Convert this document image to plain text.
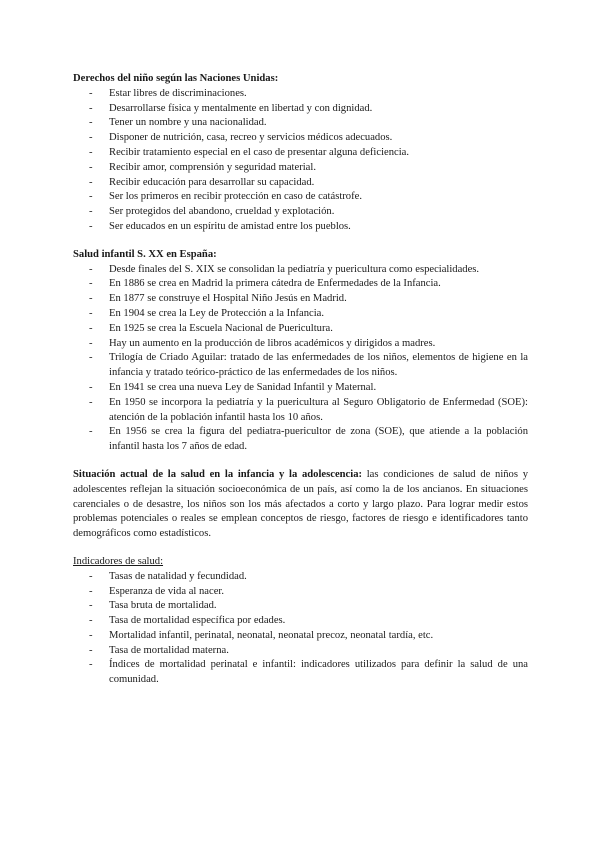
Derechos del niño según las Naciones Unidas:

- Estar libres de discriminaciones.
- Desarrollarse física y mentalmente en libertad y con dignidad.
- Tener un nombre y una nacionalidad.
- Disponer de nutrición, casa, recreo y servicios médicos adecuados.
- Recibir tratamiento especial en el caso de presentar alguna deficiencia.
- Recibir amor, comprensión y seguridad material.
- Recibir educación para desarrollar su capacidad.
- Ser los primeros en recibir protección en caso de catástrofe.
- Ser protegidos del abandono, crueldad y explotación.
- Ser educados en un espíritu de amistad entre los pueblos.

Salud infantil S. XX en España:

- Desde finales del S. XIX se consolidan la pediatría y puericultura como especialidades.
- En 1886 se crea en Madrid la primera cátedra de Enfermedades de la Infancia.
- En 1877 se construye el Hospital Niño Jesús en Madrid.
- En 1904 se crea la Ley de Protección a la Infancia.
- En 1925 se crea la Escuela Nacional de Puericultura.
- Hay un aumento en la producción de libros académicos y dirigidos a madres.
- Trilogía de Criado Aguilar: tratado de las enfermedades de los niños, elementos de higiene en la infancia y tratado teórico-práctico de las enfermedades de los niños.
- En 1941 se crea una nueva Ley de Sanidad Infantil y Maternal.
- En 1950 se incorpora la pediatría y la puericultura al Seguro Obligatorio de Enfermedad (SOE): atención de la población infantil hasta los 10 años.
- En 1956 se crea la figura del pediatra-puericultor de zona (SOE), que atiende a la población infantil hasta los 7 años de edad.

Situación actual de la salud en la infancia y la adolescencia: las condiciones de salud de niños y adolescentes reflejan la situación socioeconómica de un país, así como la de los ancianos. En situaciones carenciales o de desastre, los niños son los más afectados a corto y largo plazo. Para lograr medir estos problemas potenciales o reales se emplean conceptos de riesgo, factores de riesgo e identificadores tanto demográficos como estadísticos.

Indicadores de salud:

- Tasas de natalidad y fecundidad.
- Esperanza de vida al nacer.
- Tasa bruta de mortalidad.
- Tasa de mortalidad específica por edades.
- Mortalidad infantil, perinatal, neonatal, neonatal precoz, neonatal tardía, etc.
- Tasa de mortalidad materna.
- Índices de mortalidad perinatal e infantil: indicadores utilizados para definir la salud de una comunidad.
